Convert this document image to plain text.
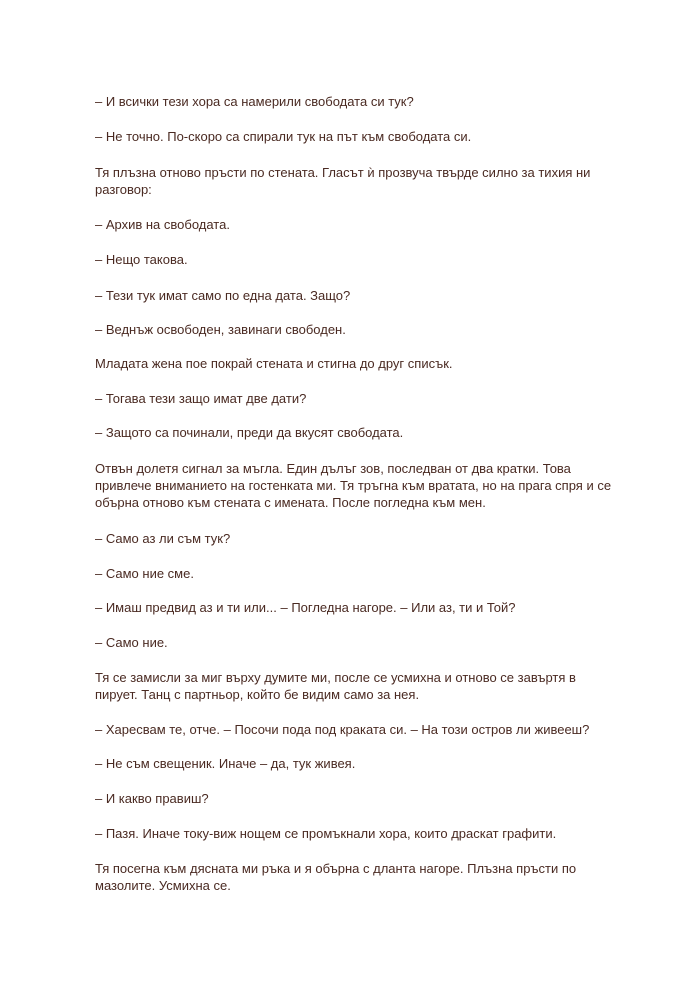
– И всички тези хора са намерили свободата си тук?

– Не точно. По-скоро са спирали тук на път към свободата си.

Тя плъзна отново пръсти по стената. Гласът ѝ прозвуча твърде силно за тихия ни разговор:

– Архив на свободата.

– Нещо такова.

– Тези тук имат само по една дата. Защо?

– Веднъж освободен, завинаги свободен.

Младата жена пое покрай стената и стигна до друг списък.

– Тогава тези защо имат две дати?

– Защото са починали, преди да вкусят свободата.

Отвън долетя сигнал за мъгла. Един дълъг зов, последван от два кратки. Това привлече вниманието на гостенката ми. Тя тръгна към вратата, но на прага спря и се обърна отново към стената с имената. После погледна към мен.

– Само аз ли съм тук?

– Само ние сме.

– Имаш предвид аз и ти или... – Погледна нагоре. – Или аз, ти и Той?

– Само ние.

Тя се замисли за миг върху думите ми, после се усмихна и отново се завъртя в пирует. Танц с партньор, който бе видим само за нея.

– Харесвам те, отче. – Посочи пода под краката си. – На този остров ли живееш?

– Не съм свещеник. Иначе – да, тук живея.

– И какво правиш?

– Пазя. Иначе току-виж нощем се промъкнали хора, които драскат графити.

Тя посегна към дясната ми ръка и я обърна с дланта нагоре. Плъзна пръсти по мазолите. Усмихна се.
